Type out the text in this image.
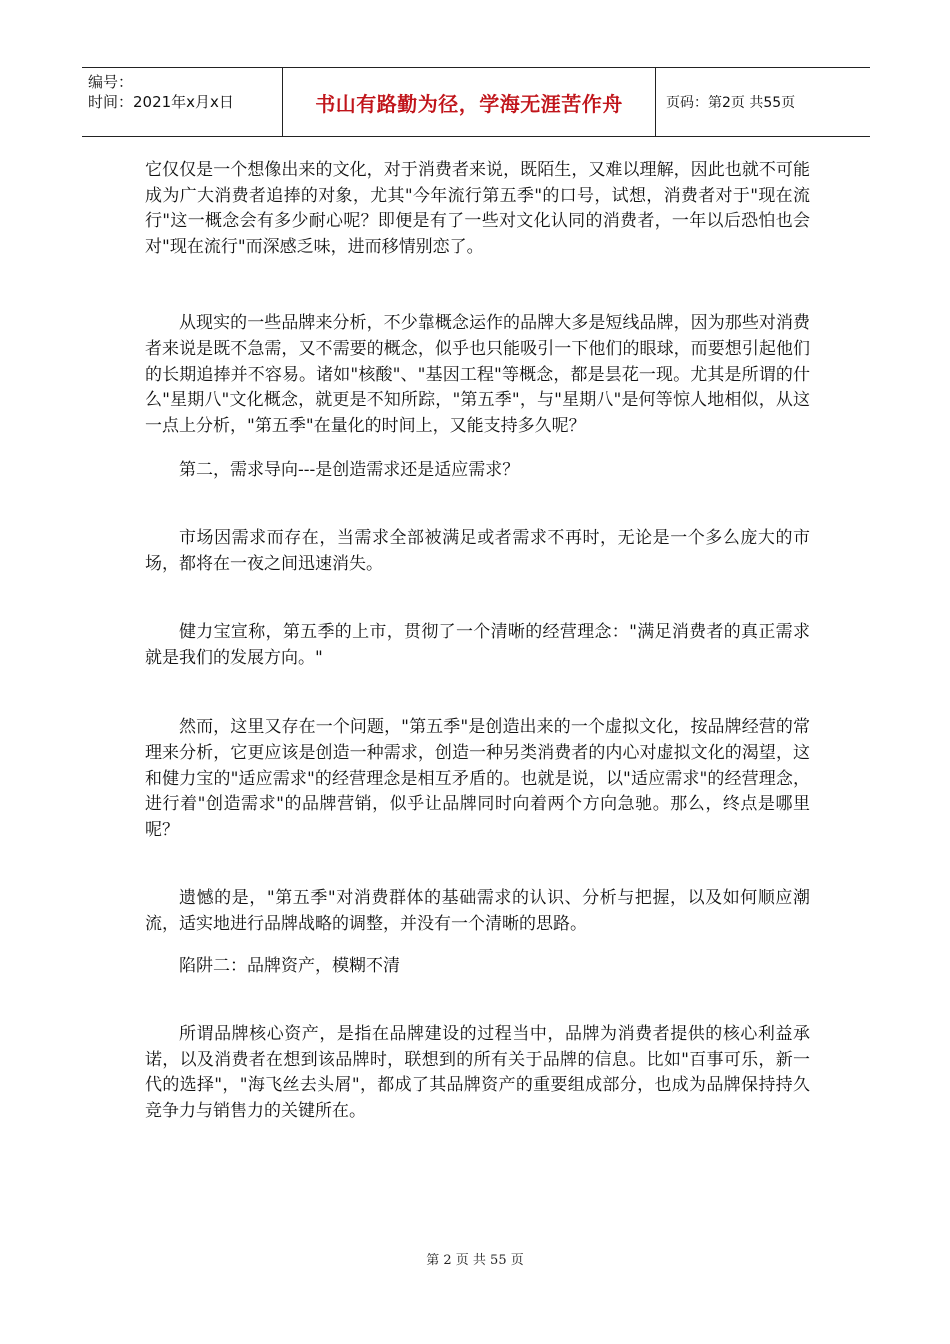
编号：
时间：2021年x月x日	书山有路勤为径，学海无涯苦作舟	页码：第2页 共55页

它仅仅是一个想像出来的文化，对于消费者来说，既陌生，又难以理解，因此也就不可能成为广大消费者追捧的对象，尤其"今年流行第五季"的口号，试想，消费者对于"现在流行"这一概念会有多少耐心呢？即便是有了一些对文化认同的消费者，一年以后恐怕也会对"现在流行"而深感乏味，进而移情别恋了。

从现实的一些品牌来分析，不少靠概念运作的品牌大多是短线品牌，因为那些对消费者来说是既不急需，又不需要的概念，似乎也只能吸引一下他们的眼球，而要想引起他们的长期追捧并不容易。诸如"核酸"、"基因工程"等概念，都是昙花一现。尤其是所谓的什么"星期八"文化概念，就更是不知所踪，"第五季"，与"星期八"是何等惊人地相似，从这一点上分析，"第五季"在量化的时间上，又能支持多久呢？

第二，需求导向---是创造需求还是适应需求？

市场因需求而存在，当需求全部被满足或者需求不再时，无论是一个多么庞大的市场，都将在一夜之间迅速消失。

健力宝宣称，第五季的上市，贯彻了一个清晰的经营理念："满足消费者的真正需求就是我们的发展方向。"

然而，这里又存在一个问题，"第五季"是创造出来的一个虚拟文化，按品牌经营的常理来分析，它更应该是创造一种需求，创造一种另类消费者的内心对虚拟文化的渴望，这和健力宝的"适应需求"的经营理念是相互矛盾的。也就是说，以"适应需求"的经营理念，进行着"创造需求"的品牌营销，似乎让品牌同时向着两个方向急驰。那么，终点是哪里呢？

遗憾的是，"第五季"对消费群体的基础需求的认识、分析与把握，以及如何顺应潮流，适实地进行品牌战略的调整，并没有一个清晰的思路。

陷阱二：品牌资产，模糊不清

所谓品牌核心资产，是指在品牌建设的过程当中，品牌为消费者提供的核心利益承诺，以及消费者在想到该品牌时，联想到的所有关于品牌的信息。比如"百事可乐，新一代的选择"，"海飞丝去头屑"，都成了其品牌资产的重要组成部分，也成为品牌保持持久竞争力与销售力的关键所在。

第 2 页 共 55 页
